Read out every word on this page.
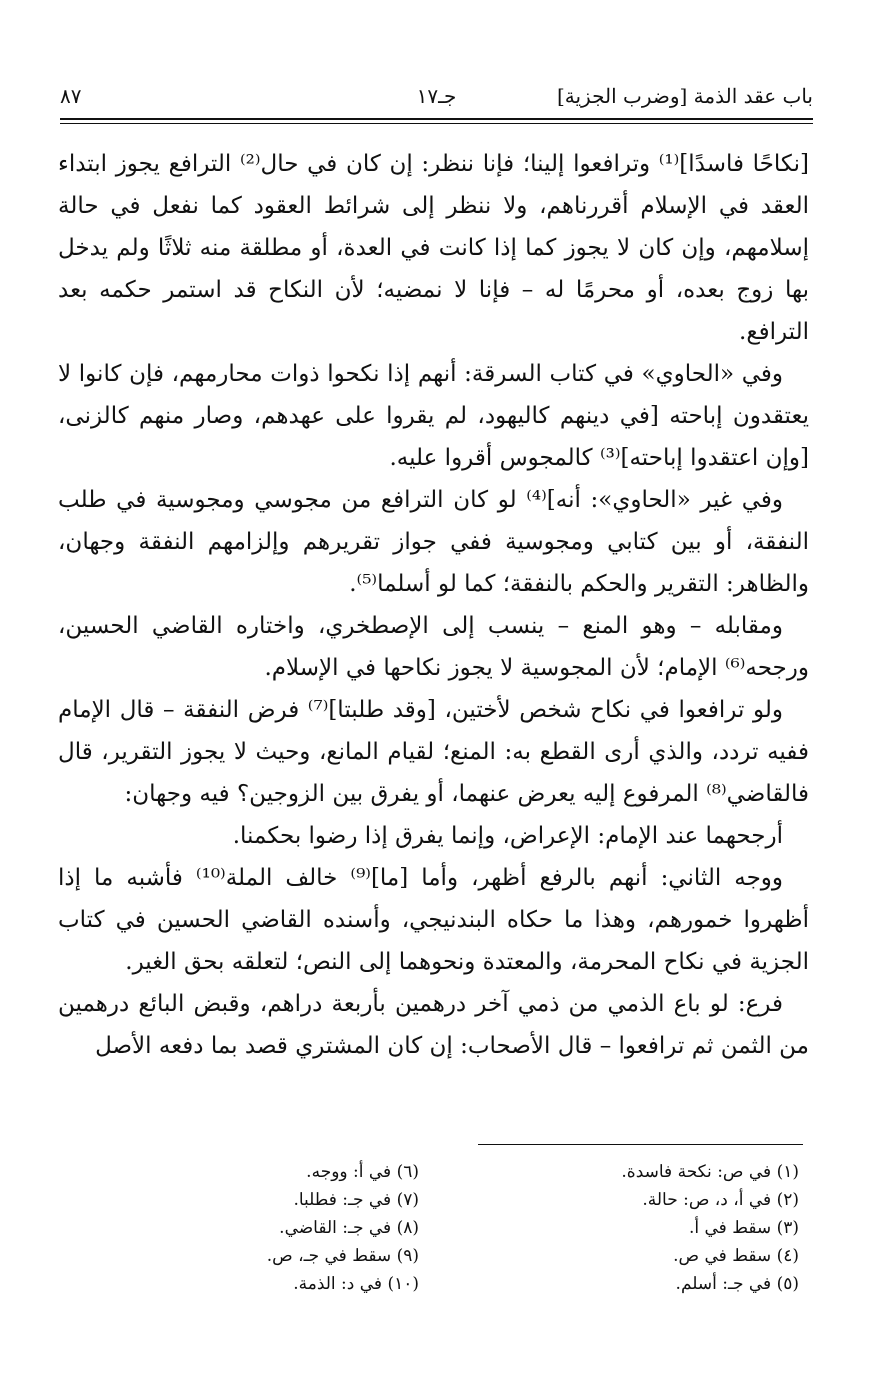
باب عقد الذمة [وضرب الجزية]
جـ١٧
٨٧

[نكاحًا فاسدًا]⁽¹⁾ وترافعوا إلينا؛ فإنا ننظر: إن كان في حال⁽²⁾ الترافع يجوز ابتداء العقد في الإسلام أقررناهم، ولا ننظر إلى شرائط العقود كما نفعل في حالة إسلامهم، وإن كان لا يجوز كما إذا كانت في العدة، أو مطلقة منه ثلاثًا ولم يدخل بها زوج بعده، أو محرمًا له – فإنا لا نمضيه؛ لأن النكاح قد استمر حكمه بعد الترافع.

وفي «الحاوي» في كتاب السرقة: أنهم إذا نكحوا ذوات محارمهم، فإن كانوا لا يعتقدون إباحته [في دينهم كاليهود، لم يقروا على عهدهم، وصار منهم كالزنى، [وإن اعتقدوا إباحته]⁽³⁾ كالمجوس أقروا عليه.

وفي غير «الحاوي»: أنه]⁽⁴⁾ لو كان الترافع من مجوسي ومجوسية في طلب النفقة، أو بين كتابي ومجوسية ففي جواز تقريرهم وإلزامهم النفقة وجهان، والظاهر: التقرير والحكم بالنفقة؛ كما لو أسلما⁽⁵⁾.

ومقابله – وهو المنع – ينسب إلى الإصطخري، واختاره القاضي الحسين، ورجحه⁽⁶⁾ الإمام؛ لأن المجوسية لا يجوز نكاحها في الإسلام.

ولو ترافعوا في نكاح شخص لأختين، [وقد طلبتا]⁽⁷⁾ فرض النفقة – قال الإمام ففيه تردد، والذي أرى القطع به: المنع؛ لقيام المانع، وحيث لا يجوز التقرير، قال فالقاضي⁽⁸⁾ المرفوع إليه يعرض عنهما، أو يفرق بين الزوجين؟ فيه وجهان:

أرجحهما عند الإمام: الإعراض، وإنما يفرق إذا رضوا بحكمنا.

ووجه الثاني: أنهم بالرفع أظهر، وأما [ما]⁽⁹⁾ خالف الملة⁽¹⁰⁾ فأشبه ما إذا أظهروا خمورهم، وهذا ما حكاه البندنيجي، وأسنده القاضي الحسين في كتاب الجزية في نكاح المحرمة، والمعتدة ونحوهما إلى النص؛ لتعلقه بحق الغير.

فرع: لو باع الذمي من ذمي آخر درهمين بأربعة دراهم، وقبض البائع درهمين من الثمن ثم ترافعوا – قال الأصحاب: إن كان المشتري قصد بما دفعه الأصل

(١) في ص: نكحة فاسدة.
(٢) في أ، د، ص: حالة.
(٣) سقط في أ.
(٤) سقط في ص.
(٥) في جـ: أسلم.
(٦) في أ: ووجه.
(٧) في جـ: فطلبا.
(٨) في جـ: القاضي.
(٩) سقط في جـ، ص.
(١٠) في د: الذمة.
